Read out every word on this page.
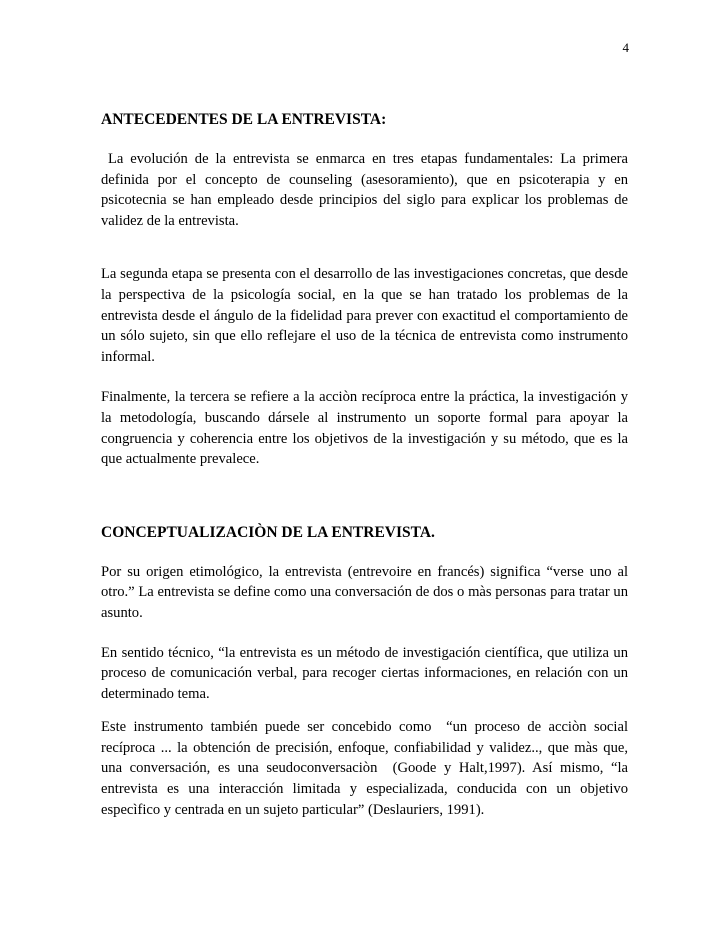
4
ANTECEDENTES DE LA ENTREVISTA:

La evolución de la entrevista se enmarca en tres etapas fundamentales: La primera definida por el concepto de counseling (asesoramiento), que en psicoterapia y en psicotecnia se han empleado desde principios del siglo para explicar los problemas de validez de la entrevista.

La segunda etapa se presenta con el desarrollo de las investigaciones concretas, que desde la perspectiva de la psicología social, en la que se han tratado los problemas de la entrevista desde el ángulo de la fidelidad para prever con exactitud el comportamiento de un sólo sujeto, sin que ello reflejare el uso de la técnica de entrevista como instrumento informal.

Finalmente, la tercera se refiere a la acciòn recíproca entre la práctica, la investigación y la metodología, buscando dársele al instrumento un soporte formal para apoyar la congruencia y coherencia entre los objetivos de la investigación y su método, que es la que actualmente prevalece.

CONCEPTUALIZACIÒN DE LA ENTREVISTA.

Por su origen etimológico, la entrevista (entrevoire en francés) significa “verse uno al otro.” La entrevista se define como una conversación de dos o màs personas para tratar un asunto.

En sentido técnico, “la entrevista es un método de investigación científica, que utiliza un proceso de comunicación verbal, para recoger ciertas informaciones, en relación con un determinado tema.

Este instrumento también puede ser concebido como  “un proceso de acciòn social recíproca ... la obtención de precisión, enfoque, confiabilidad y validez.., que màs que, una conversación, es una seudoconversaciòn  (Goode y Halt,1997). Así mismo, “la entrevista es una interacción limitada y especializada, conducida con un objetivo especìfico y centrada en un sujeto particular” (Deslauriers, 1991).
